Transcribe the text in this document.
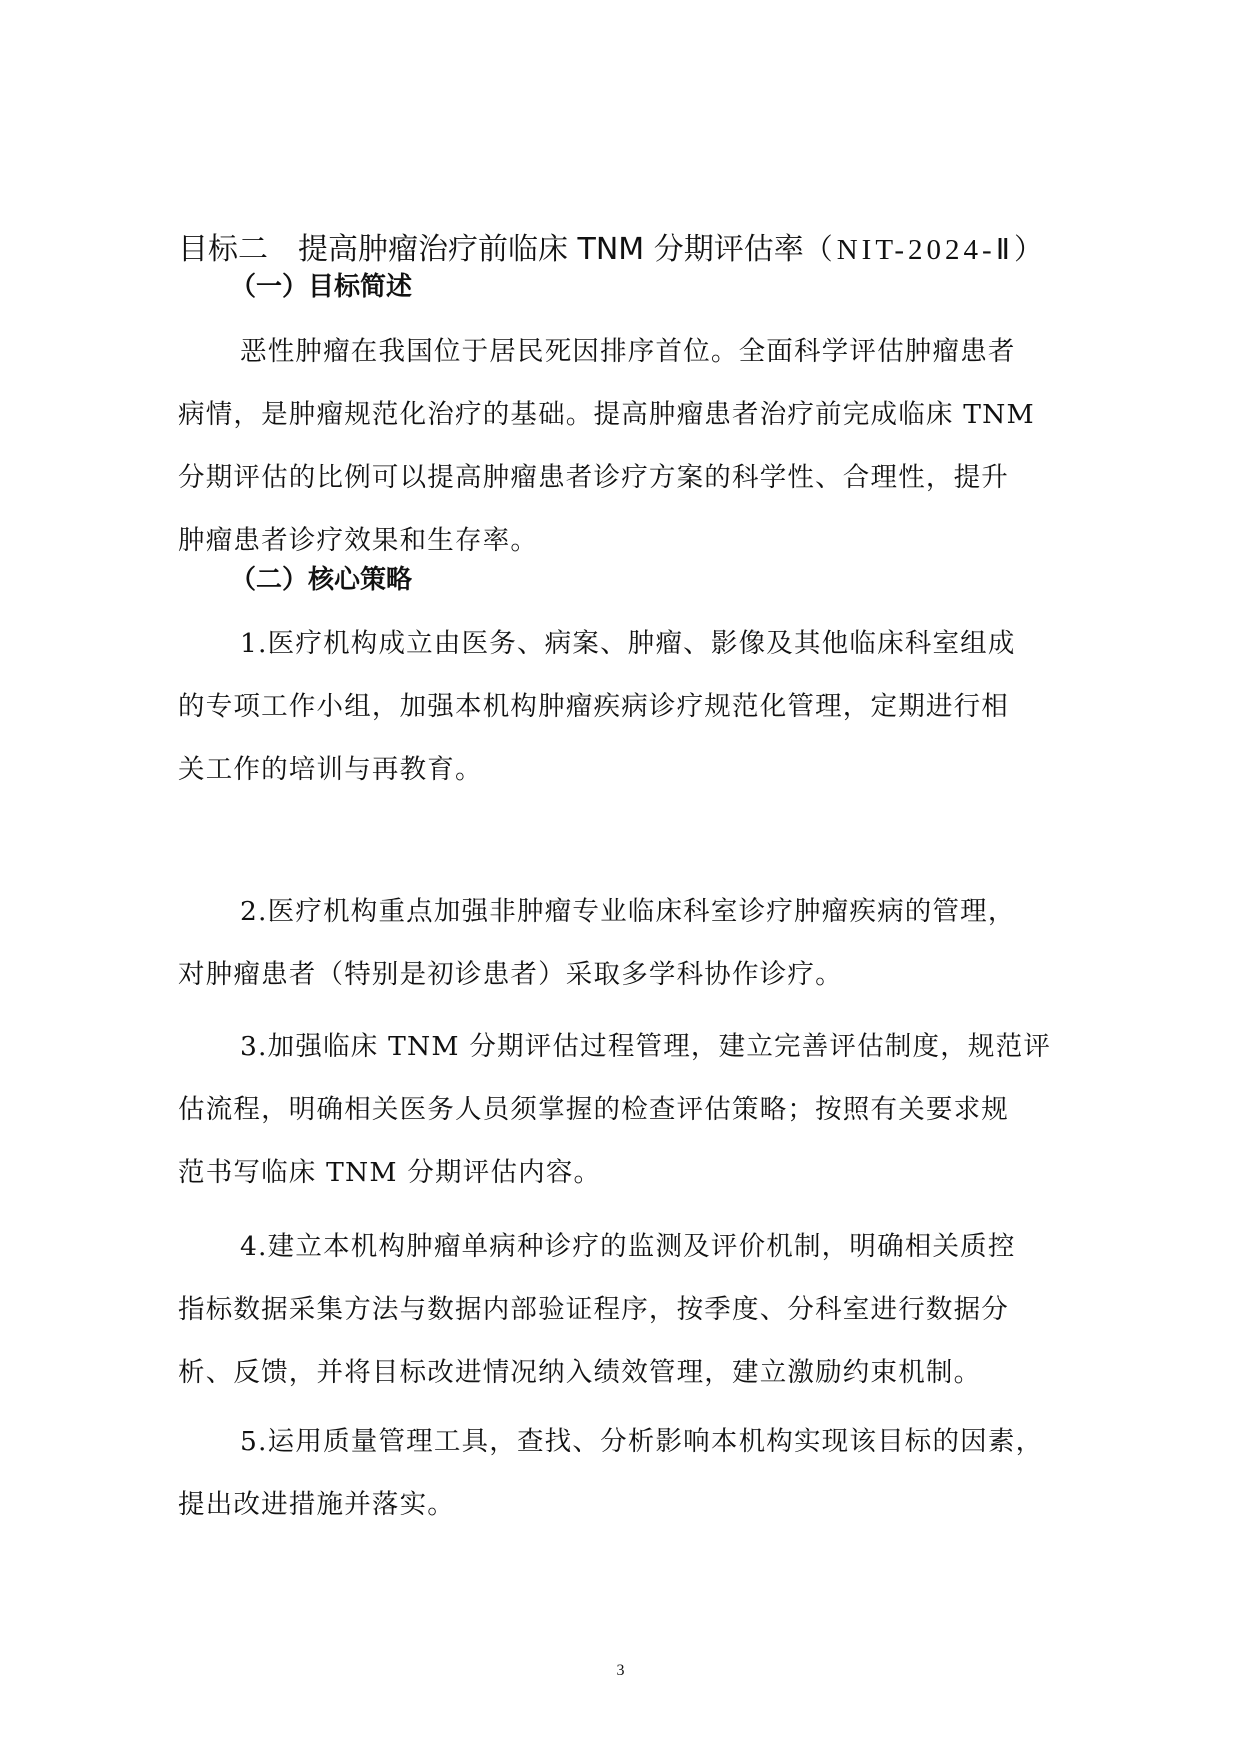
目标二 提高肿瘤治疗前临床 TNM 分期评估率（NIT-2024-Ⅱ）
（一）目标简述
恶性肿瘤在我国位于居民死因排序首位。全面科学评估肿瘤患者
病情，是肿瘤规范化治疗的基础。提高肿瘤患者治疗前完成临床 TNM
分期评估的比例可以提高肿瘤患者诊疗方案的科学性、合理性，提升
肿瘤患者诊疗效果和生存率。
（二）核心策略
1.医疗机构成立由医务、病案、肿瘤、影像及其他临床科室组成
的专项工作小组，加强本机构肿瘤疾病诊疗规范化管理，定期进行相
关工作的培训与再教育。
2.医疗机构重点加强非肿瘤专业临床科室诊疗肿瘤疾病的管理，
对肿瘤患者（特别是初诊患者）采取多学科协作诊疗。
3.加强临床 TNM 分期评估过程管理，建立完善评估制度，规范评
估流程，明确相关医务人员须掌握的检查评估策略；按照有关要求规
范书写临床 TNM 分期评估内容。
4.建立本机构肿瘤单病种诊疗的监测及评价机制，明确相关质控
指标数据采集方法与数据内部验证程序，按季度、分科室进行数据分
析、反馈，并将目标改进情况纳入绩效管理，建立激励约束机制。
5.运用质量管理工具，查找、分析影响本机构实现该目标的因素，
提出改进措施并落实。
3
